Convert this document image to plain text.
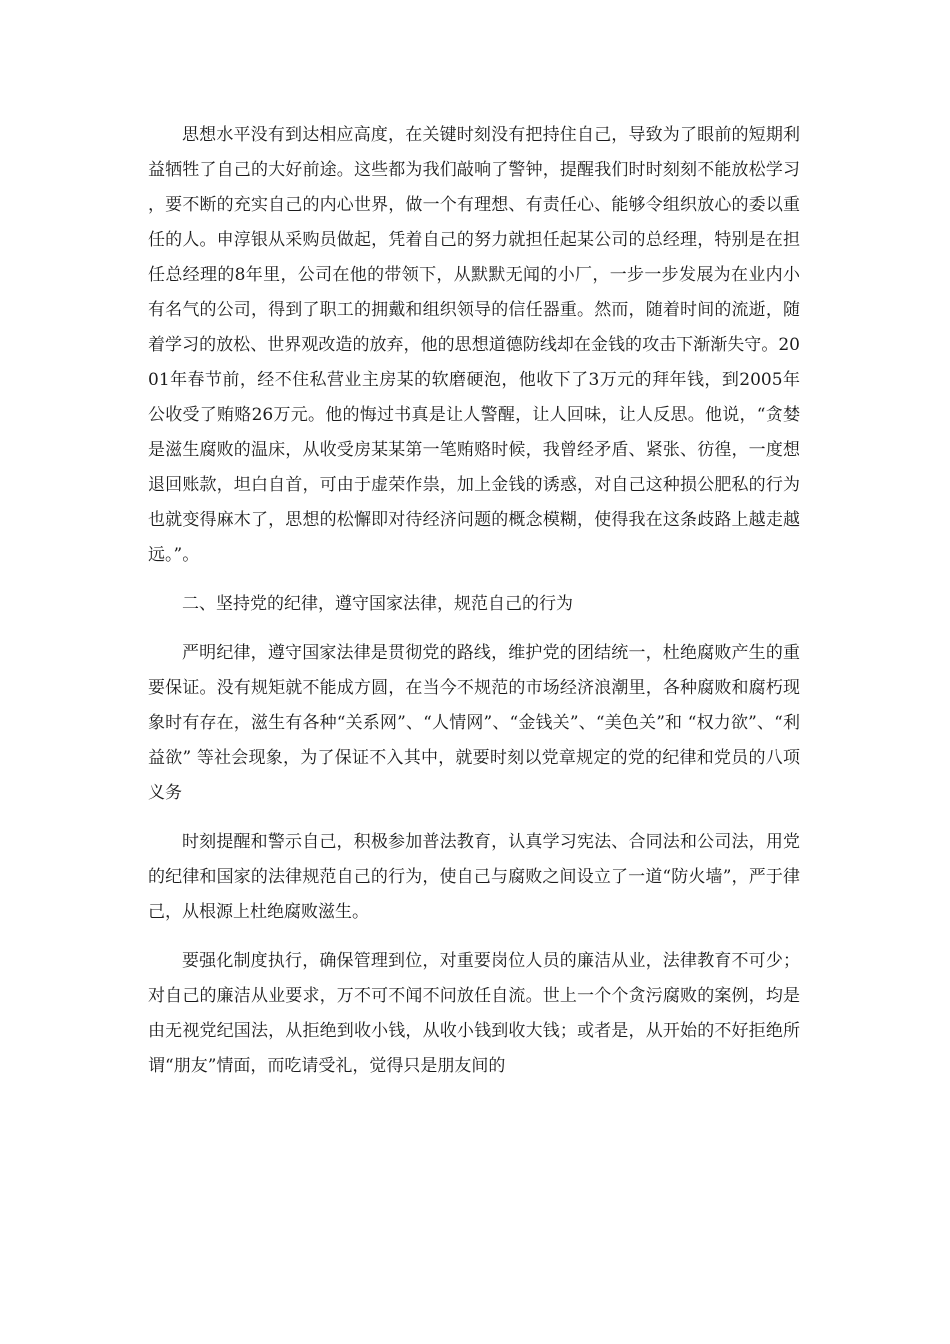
思想水平没有到达相应高度，在关键时刻没有把持住自己，导致为了眼前的短期利益牺牲了自己的大好前途。这些都为我们敲响了警钟，提醒我们时时刻刻不能放松学习，要不断的充实自己的内心世界，做一个有理想、有责任心、能够令组织放心的委以重任的人。申淳银从采购员做起，凭着自己的努力就担任起某公司的总经理，特别是在担任总经理的8年里，公司在他的带领下，从默默无闻的小厂，一步一步发展为在业内小有名气的公司，得到了职工的拥戴和组织领导的信任器重。然而，随着时间的流逝，随着学习的放松、世界观改造的放弃，他的思想道德防线却在金钱的攻击下渐渐失守。2001年春节前，经不住私营业主房某的软磨硬泡，他收下了3万元的拜年钱，到2005年公收受了贿赂26万元。他的悔过书真是让人警醒，让人回味，让人反思。他说，“贪婪是滋生腐败的温床，从收受房某某第一笔贿赂时候，我曾经矛盾、紧张、彷徨，一度想退回账款，坦白自首，可由于虚荣作祟，加上金钱的诱惑，对自己这种损公肥私的行为也就变得麻木了，思想的松懈即对待经济问题的概念模糊，使得我在这条歧路上越走越远。”。

二、坚持党的纪律，遵守国家法律，规范自己的行为

严明纪律，遵守国家法律是贯彻党的路线，维护党的团结统一，杜绝腐败产生的重要保证。没有规矩就不能成方圆，在当今不规范的市场经济浪潮里，各种腐败和腐朽现象时有存在，滋生有各种“关系网”、“人情网”、“金钱关”、“美色关”和 “权力欲”、“利益欲” 等社会现象，为了保证不入其中，就要时刻以党章规定的党的纪律和党员的八项义务

时刻提醒和警示自己，积极参加普法教育，认真学习宪法、合同法和公司法，用党的纪律和国家的法律规范自己的行为，使自己与腐败之间设立了一道“防火墙”，严于律己，从根源上杜绝腐败滋生。

要强化制度执行，确保管理到位，对重要岗位人员的廉洁从业，法律教育不可少；对自己的廉洁从业要求，万不可不闻不问放任自流。世上一个个贪污腐败的案例，均是由无视党纪国法，从拒绝到收小钱，从收小钱到收大钱；或者是，从开始的不好拒绝所谓“朋友”情面，而吃请受礼，觉得只是朋友间的
